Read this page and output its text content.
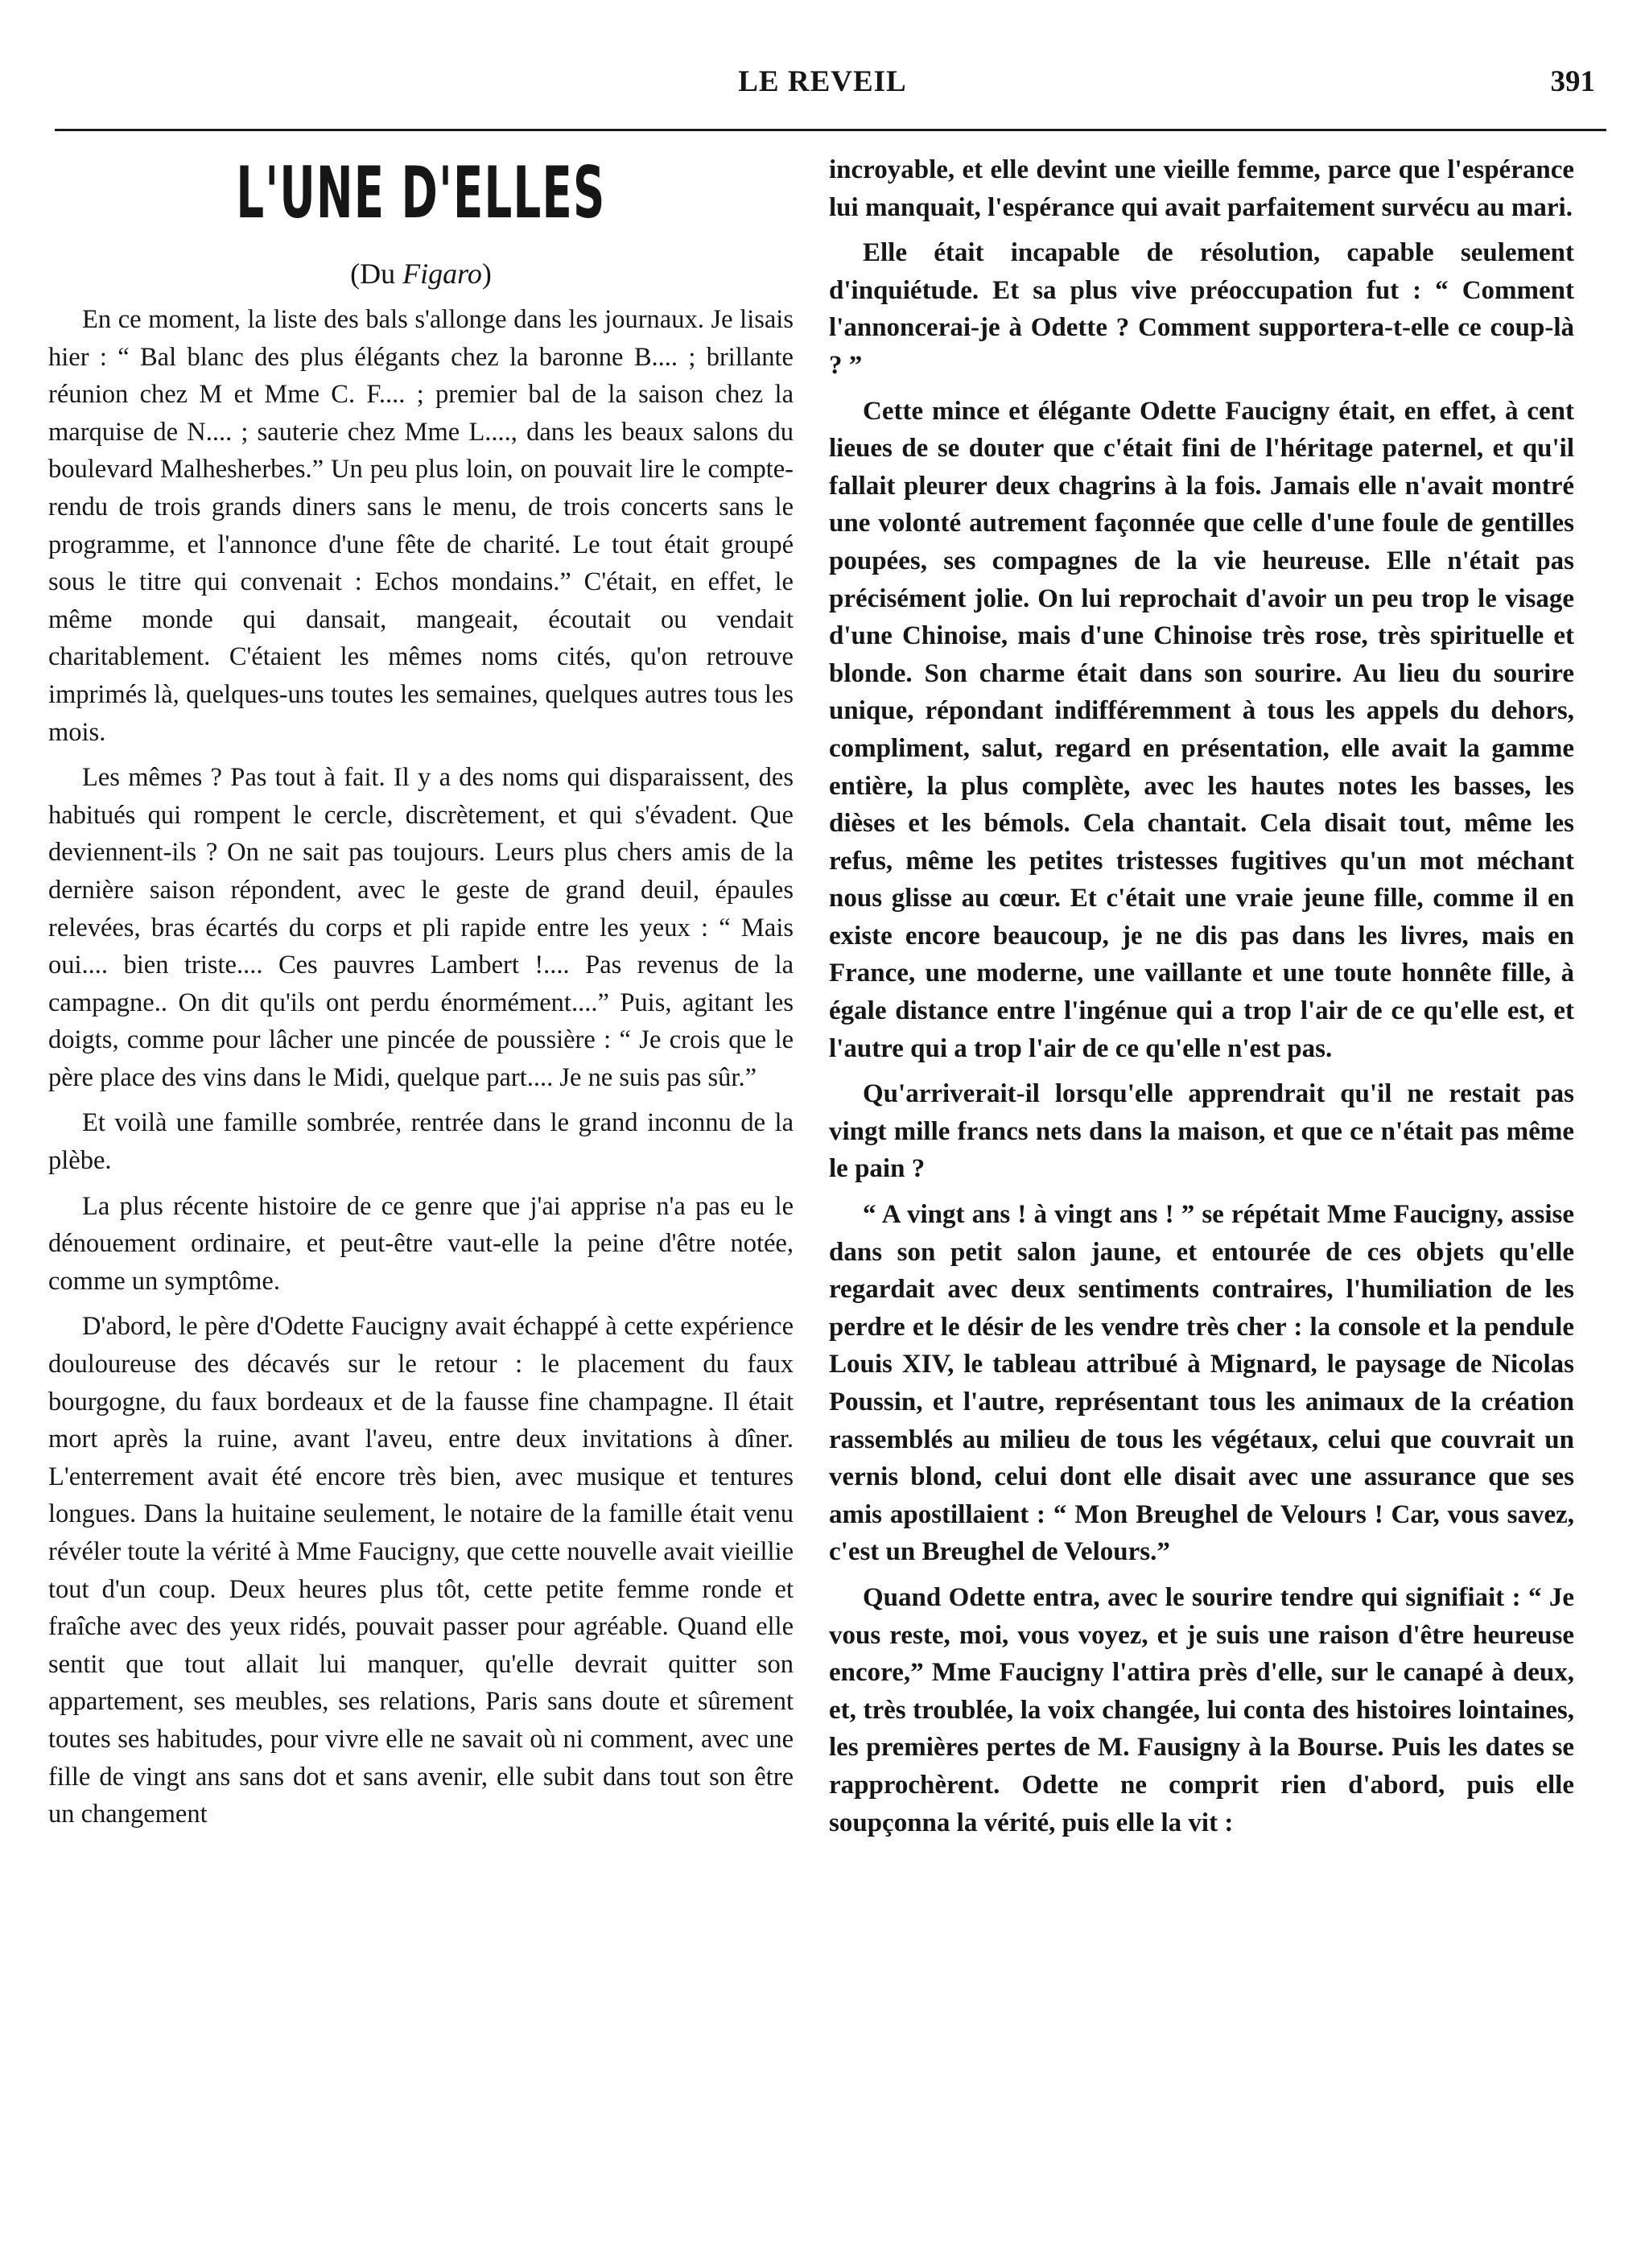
LE REVEIL	391
L'UNE D'ELLES
(Du Figaro)

En ce moment, la liste des bals s'allonge dans les journaux. Je lisais hier : “ Bal blanc des plus élégants chez la baronne B.... ; brillante réunion chez M et Mme C. F.... ; premier bal de la saison chez la marquise de N.... ; sauterie chez Mme L...., dans les beaux salons du boulevard Malhesherbes.” Un peu plus loin, on pouvait lire le compte-rendu de trois grands diners sans le menu, de trois concerts sans le programme, et l'annonce d'une fête de charité. Le tout était groupé sous le titre qui convenait : Echos mondains.” C'était, en effet, le même monde qui dansait, mangeait, écoutait ou vendait charitablement. C'étaient les mêmes noms cités, qu'on retrouve imprimés là, quelques-uns toutes les semaines, quelques autres tous les mois.

Les mêmes ? Pas tout à fait. Il y a des noms qui disparaissent, des habitués qui rompent le cercle, discrètement, et qui s'évadent. Que deviennent-ils ? On ne sait pas toujours. Leurs plus chers amis de la dernière saison répondent, avec le geste de grand deuil, épaules relevées, bras écartés du corps et pli rapide entre les yeux : “ Mais oui.... bien triste.... Ces pauvres Lambert !.... Pas revenus de la campagne.. On dit qu'ils ont perdu énormément....” Puis, agitant les doigts, comme pour lâcher une pincée de poussière : “ Je crois que le père place des vins dans le Midi, quelque part.... Je ne suis pas sûr.”

Et voilà une famille sombrée, rentrée dans le grand inconnu de la plèbe.

La plus récente histoire de ce genre que j'ai apprise n'a pas eu le dénouement ordinaire, et peut-être vaut-elle la peine d'être notée, comme un symptôme.

D'abord, le père d'Odette Faucigny avait échappé à cette expérience douloureuse des décavés sur le retour : le placement du faux bourgogne, du faux bordeaux et de la fausse fine champagne. Il était mort après la ruine, avant l'aveu, entre deux invitations à dîner. L'enterrement avait été encore très bien, avec musique et tentures longues. Dans la huitaine seulement, le notaire de la famille était venu révéler toute la vérité à Mme Faucigny, que cette nouvelle avait vieillie tout d'un coup. Deux heures plus tôt, cette petite femme ronde et fraîche avec des yeux ridés, pouvait passer pour agréable. Quand elle sentit que tout allait lui manquer, qu'elle devrait quitter son appartement, ses meubles, ses relations, Paris sans doute et sûrement toutes ses habitudes, pour vivre elle ne savait où ni comment, avec une fille de vingt ans sans dot et sans avenir, elle subit dans tout son être un changement

incroyable, et elle devint une vieille femme, parce que l'espérance lui manquait, l'espérance qui avait parfaitement survécu au mari.

Elle était incapable de résolution, capable seulement d'inquiétude. Et sa plus vive préoccupation fut : “ Comment l'annoncerai-je à Odette ? Comment supportera-t-elle ce coup-là ? ”

Cette mince et élégante Odette Faucigny était, en effet, à cent lieues de se douter que c'était fini de l'héritage paternel, et qu'il fallait pleurer deux chagrins à la fois. Jamais elle n'avait montré une volonté autrement façonnée que celle d'une foule de gentilles poupées, ses compagnes de la vie heureuse. Elle n'était pas précisément jolie. On lui reprochait d'avoir un peu trop le visage d'une Chinoise, mais d'une Chinoise très rose, très spirituelle et blonde. Son charme était dans son sourire. Au lieu du sourire unique, répondant indifféremment à tous les appels du dehors, compliment, salut, regard en présentation, elle avait la gamme entière, la plus complète, avec les hautes notes les basses, les dièses et les bémols. Cela chantait. Cela disait tout, même les refus, même les petites tristesses fugitives qu'un mot méchant nous glisse au cœur. Et c'était une vraie jeune fille, comme il en existe encore beaucoup, je ne dis pas dans les livres, mais en France, une moderne, une vaillante et une toute honnête fille, à égale distance entre l'ingénue qui a trop l'air de ce qu'elle est, et l'autre qui a trop l'air de ce qu'elle n'est pas.

Qu'arriverait-il lorsqu'elle apprendrait qu'il ne restait pas vingt mille francs nets dans la maison, et que ce n'était pas même le pain ?

“ A vingt ans ! à vingt ans ! ” se répétait Mme Faucigny, assise dans son petit salon jaune, et entourée de ces objets qu'elle regardait avec deux sentiments contraires, l'humiliation de les perdre et le désir de les vendre très cher : la console et la pendule Louis XIV, le tableau attribué à Mignard, le paysage de Nicolas Poussin, et l'autre, représentant tous les animaux de la création rassemblés au milieu de tous les végétaux, celui que couvrait un vernis blond, celui dont elle disait avec une assurance que ses amis apostillaient : “ Mon Breughel de Velours ! Car, vous savez, c'est un Breughel de Velours.”

Quand Odette entra, avec le sourire tendre qui signifiait : “ Je vous reste, moi, vous voyez, et je suis une raison d'être heureuse encore,” Mme Faucigny l'attira près d'elle, sur le canapé à deux, et, très troublée, la voix changée, lui conta des histoires lointaines, les premières pertes de M. Fausigny à la Bourse. Puis les dates se rapprochèrent. Odette ne comprit rien d'abord, puis elle soupçonna la vérité, puis elle la vit :
